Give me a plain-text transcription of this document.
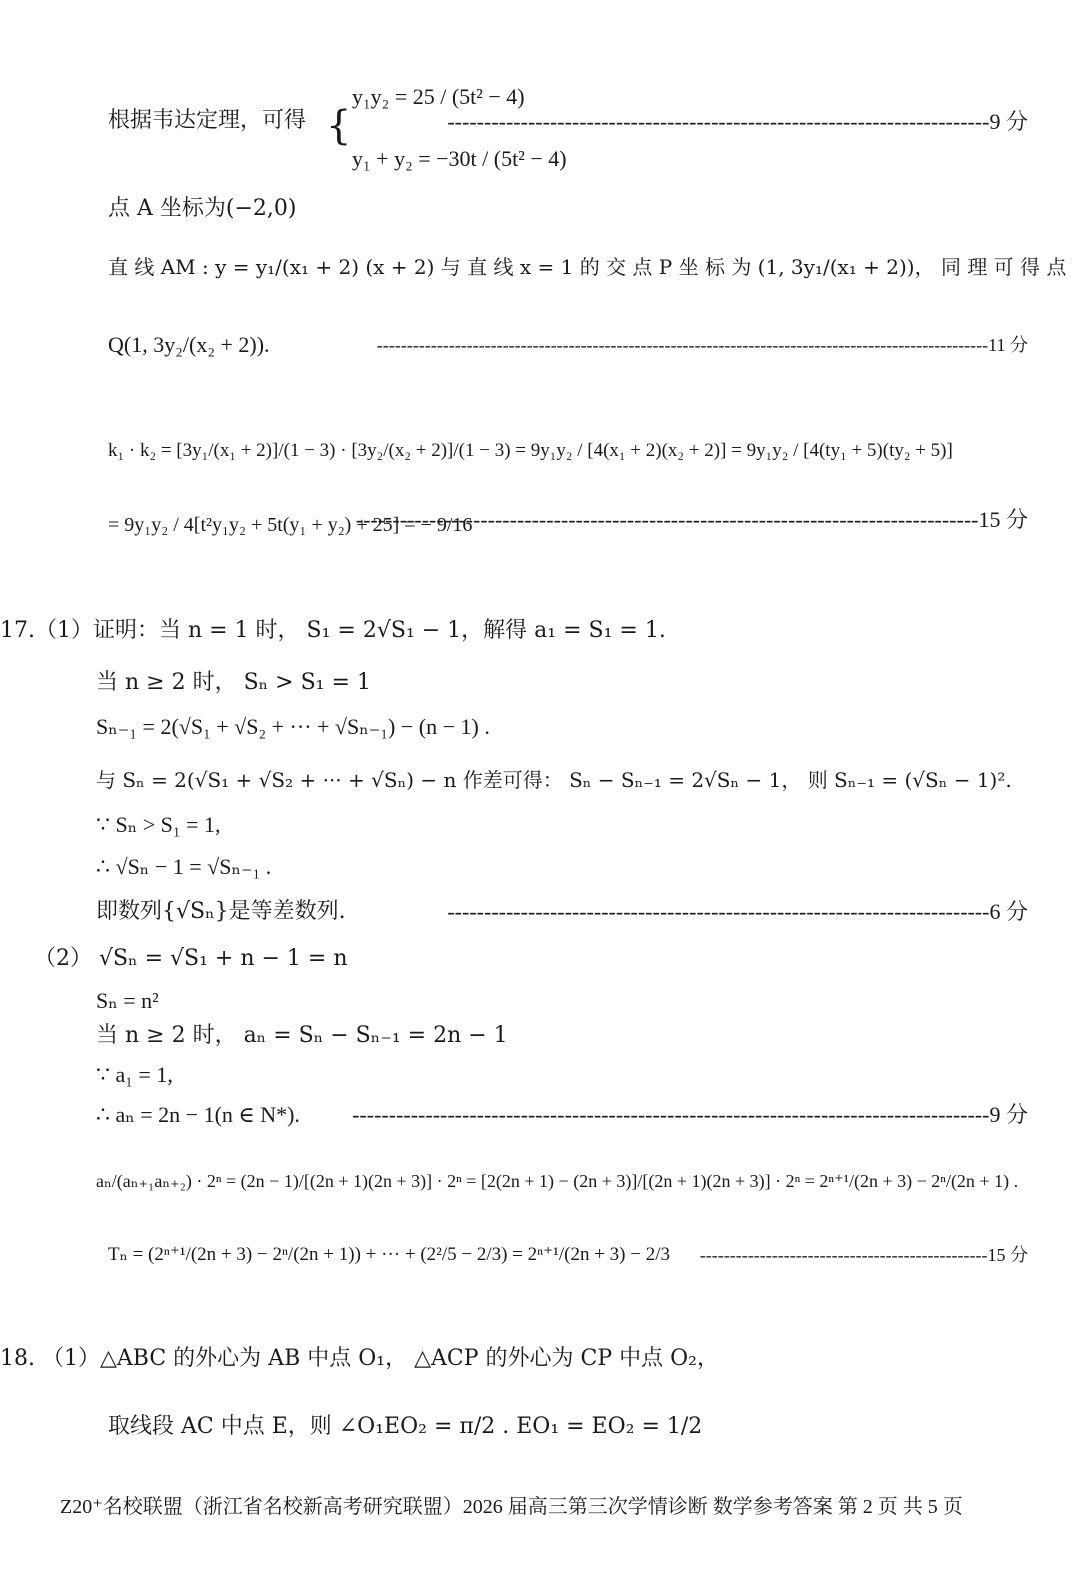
根据韦达定理，可得 {
y₁y₂ = 25 / (5t² − 4)
y₁ + y₂ = −30t / (5t² − 4)
--------------------------------------------------------------------------9 分
点 A 坐标为(−2,0)
直 线 AM : y = y₁/(x₁ + 2) (x + 2) 与 直 线 x = 1 的 交 点 P 坐 标 为 (1, 3y₁/(x₁ + 2))， 同 理 可 得 点
Q(1, 3y₂/(x₂ + 2)).	------------------------------------------------------------------------------------------------------11 分
k₁ · k₂ = [3y₁/(x₁ + 2)]/(1 − 3) · [3y₂/(x₂ + 2)]/(1 − 3) = 9y₁y₂ / [4(x₁ + 2)(x₂ + 2)] = 9y₁y₂ / [4(ty₁ + 5)(ty₂ + 5)]
= 9y₁y₂ / 4[t²y₁y₂ + 5t(y₁ + y₂) + 25] = − 9/16
-------------------------------------------------------------------------------------15 分
17.（1）证明：当 n = 1 时， S₁ = 2√S₁ − 1，解得 a₁ = S₁ = 1.
当 n ≥ 2 时， Sₙ > S₁ = 1
Sₙ₋₁ = 2(√S₁ + √S₂ + ··· + √Sₙ₋₁) − (n − 1) .
与 Sₙ = 2(√S₁ + √S₂ + ··· + √Sₙ) − n 作差可得： Sₙ − Sₙ₋₁ = 2√Sₙ − 1， 则 Sₙ₋₁ = (√Sₙ − 1)².
∵ Sₙ > S₁ = 1,
∴ √Sₙ − 1 = √Sₙ₋₁ .
即数列{√Sₙ}是等差数列.	--------------------------------------------------------------------------6 分
（2） √Sₙ = √S₁ + n − 1 = n
Sₙ = n²
当 n ≥ 2 时， aₙ = Sₙ − Sₙ₋₁ = 2n − 1
∵ a₁ = 1,
∴ aₙ = 2n − 1(n ∈ N*). ---------------------------------------------------------------------------------------9 分
aₙ/(aₙ₊₁aₙ₊₂) · 2ⁿ = (2n − 1)/[(2n + 1)(2n + 3)] · 2ⁿ = [2(2n + 1) − (2n + 3)]/[(2n + 1)(2n + 3)] · 2ⁿ = 2ⁿ⁺¹/(2n + 3) − 2ⁿ/(2n + 1) .
Tₙ = (2ⁿ⁺¹/(2n + 3) − 2ⁿ/(2n + 1)) + ··· + (2²/5 − 2/3) = 2ⁿ⁺¹/(2n + 3) − 2/3 ------------------------------------------------15 分
18. （1）△ABC 的外心为 AB 中点 O₁， △ACP 的外心为 CP 中点 O₂，
取线段 AC 中点 E，则 ∠O₁EO₂ = π/2 . EO₁ = EO₂ = 1/2
Z20⁺名校联盟（浙江省名校新高考研究联盟）2026 届高三第三次学情诊断 数学参考答案 第 2 页 共 5 页
